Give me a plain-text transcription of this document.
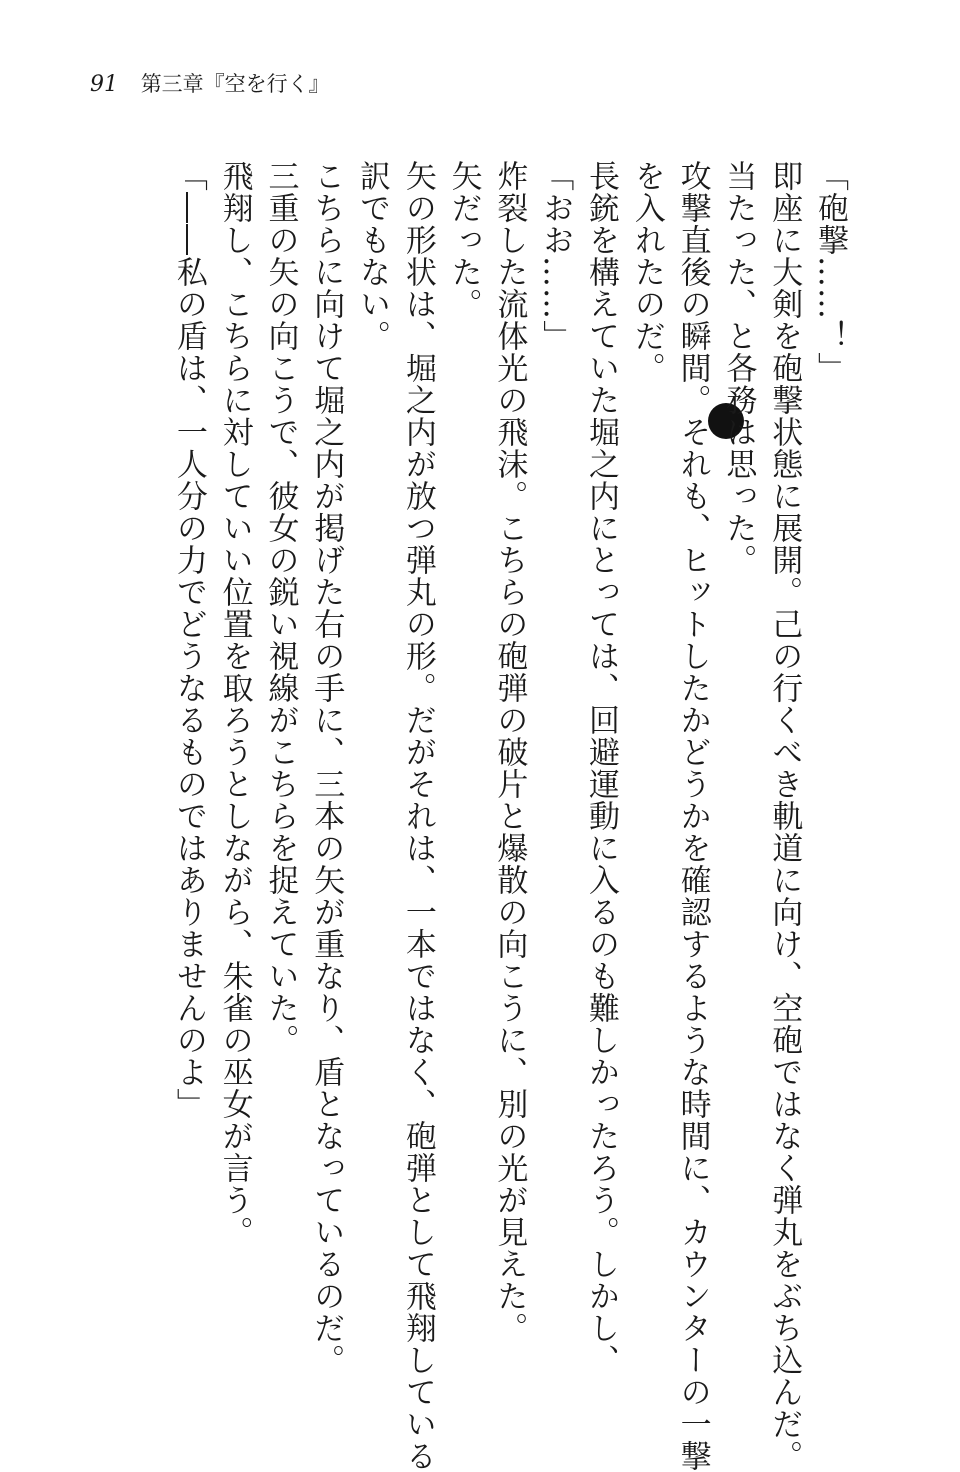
91 第三章『空を行く』
「砲撃……！」
即座に大剣を砲撃状態に展開。己の行くべき軌道に向け、空砲ではなく弾丸をぶち込んだ。
当たった、と各務は思った。
攻撃直後の瞬間。それも、ヒットしたかどうかを確認するような時間に、カウンターの一撃
を入れたのだ。
長銃を構えていた堀之内にとっては、回避運動に入るのも難しかったろう。しかし、
「おお……」
炸裂した流体光の飛沫。こちらの砲弾の破片と爆散の向こうに、別の光が見えた。
矢だった。
矢の形状は、堀之内が放つ弾丸の形。だがそれは、一本ではなく、砲弾として飛翔している
訳でもない。
こちらに向けて堀之内が掲げた右の手に、三本の矢が重なり、盾となっているのだ。
三重の矢の向こうで、彼女の鋭い視線がこちらを捉えていた。
飛翔し、こちらに対していい位置を取ろうとしながら、朱雀の巫女が言う。
「――私の盾は、一人分の力でどうなるものではありませんのよ」
